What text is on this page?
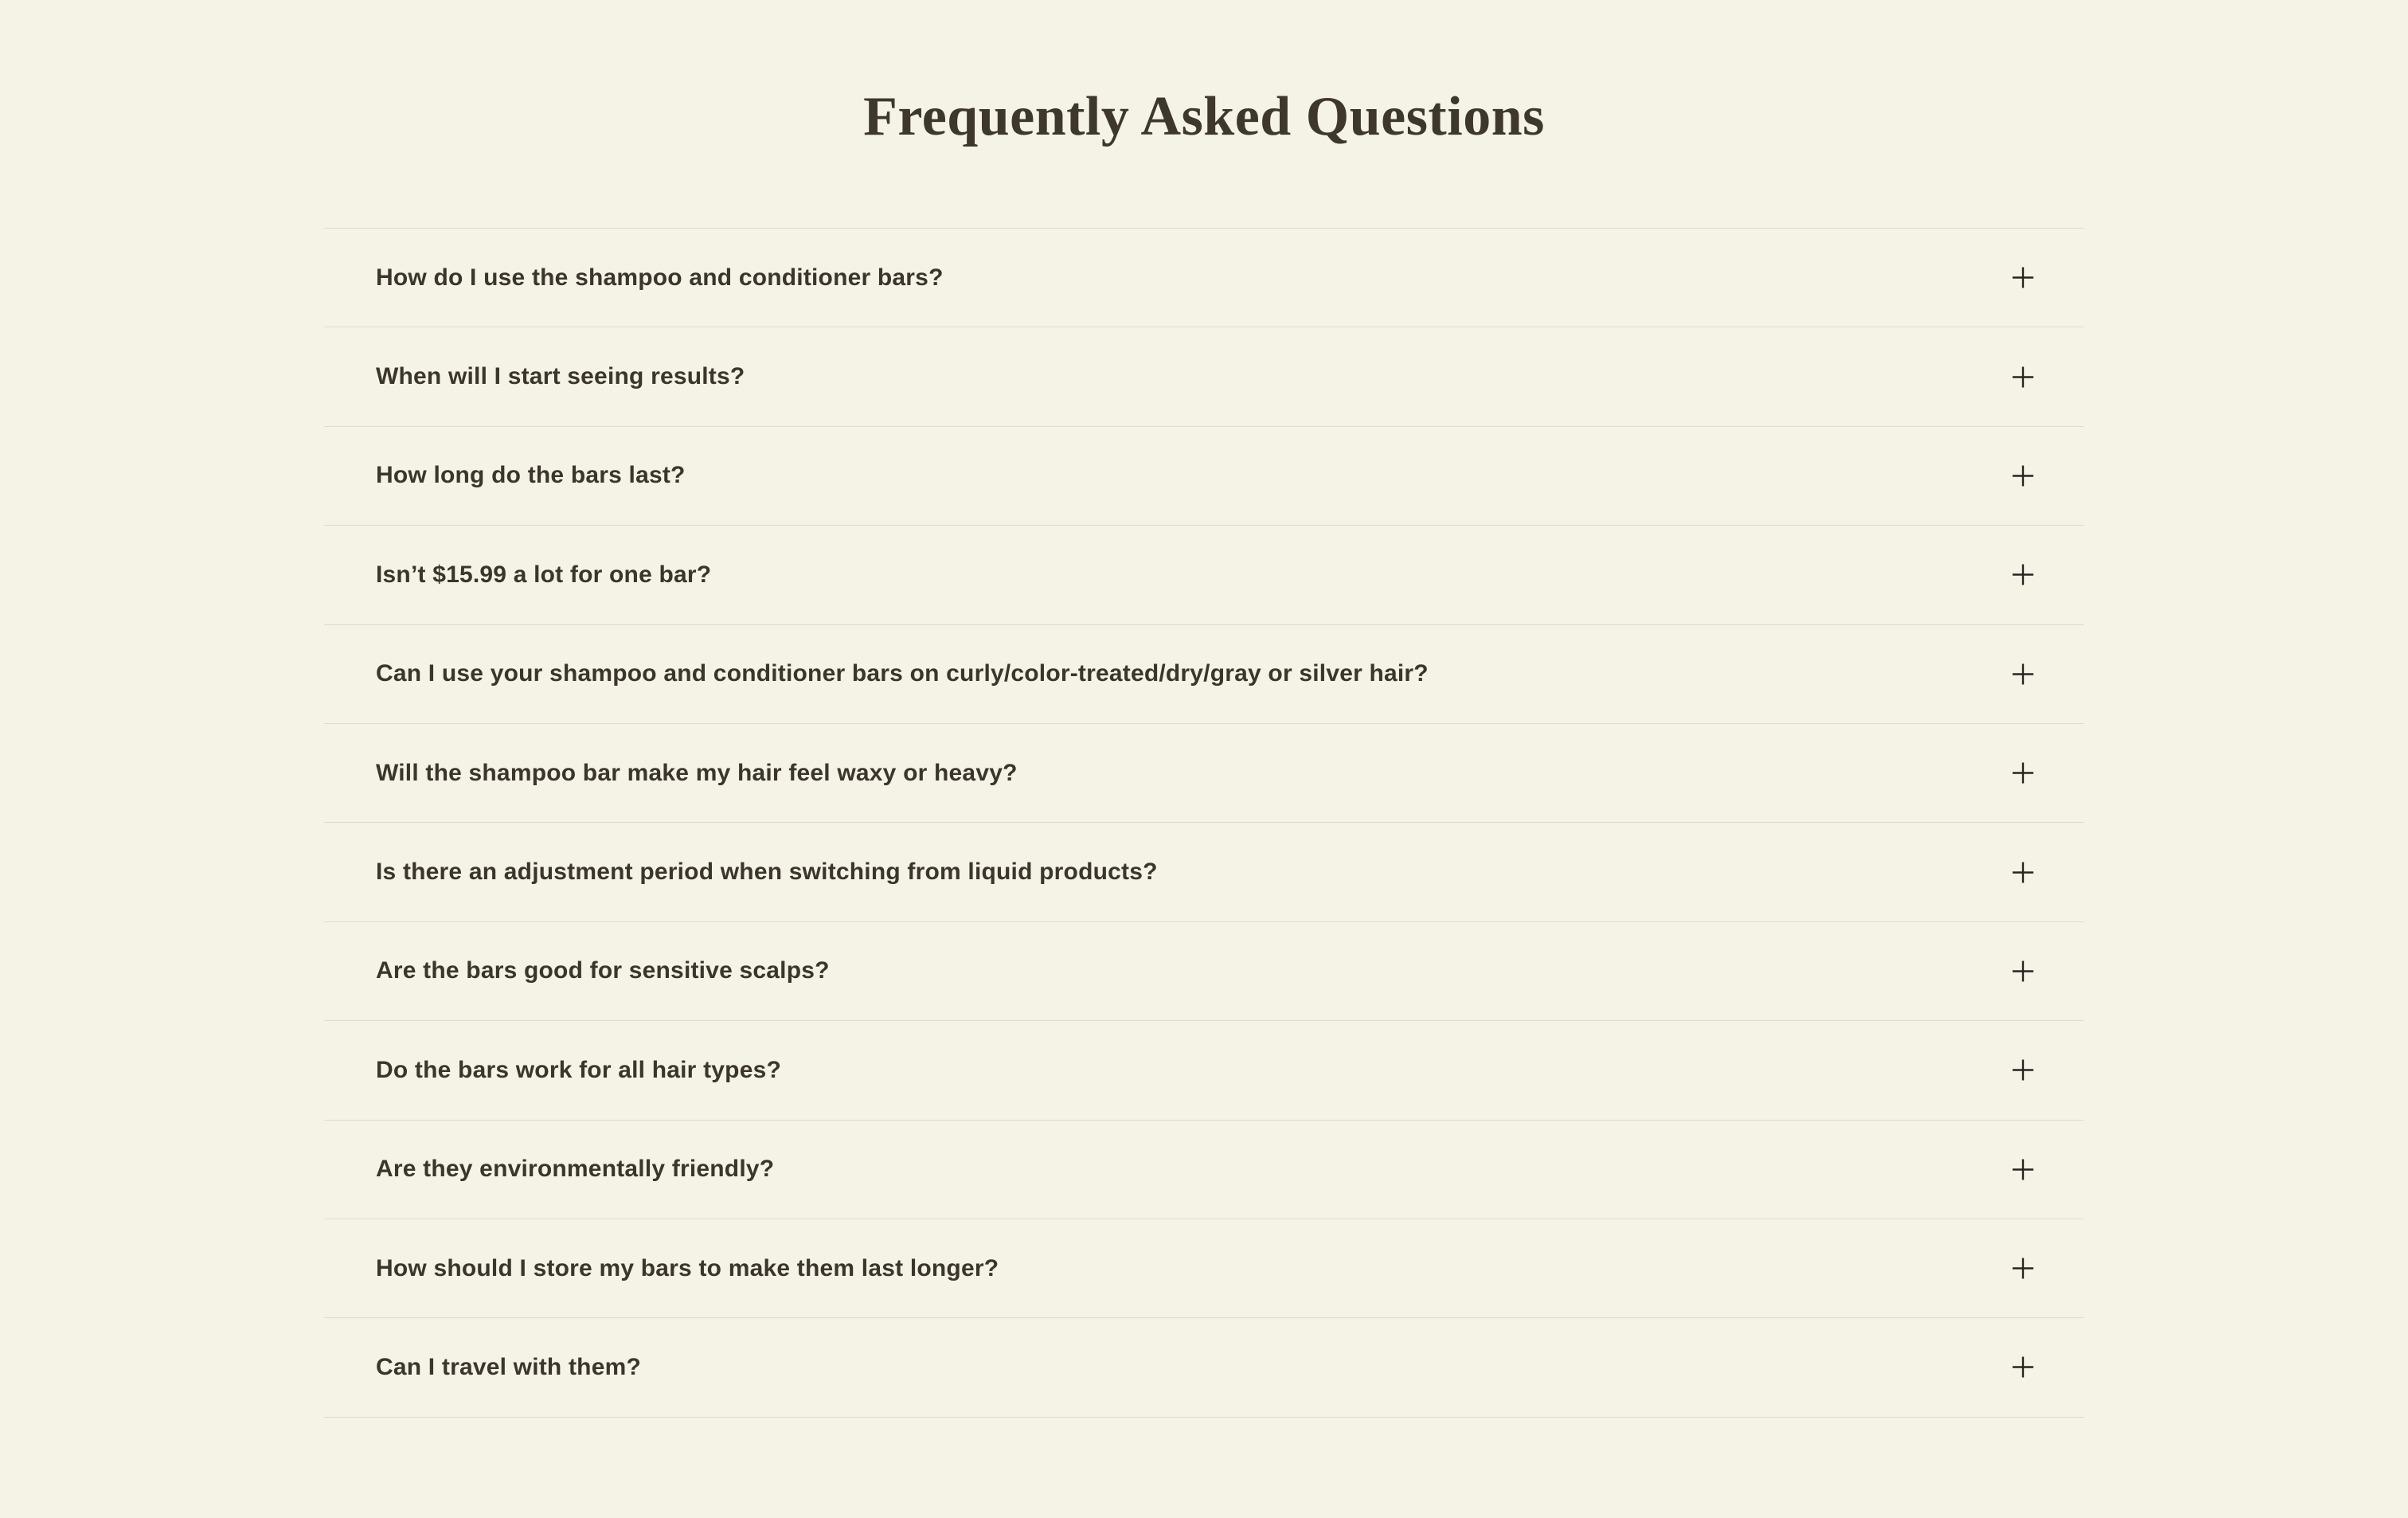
Frequently Asked Questions
How do I use the shampoo and conditioner bars?
When will I start seeing results?
How long do the bars last?
Isn’t $15.99 a lot for one bar?
Can I use your shampoo and conditioner bars on curly/color-treated/dry/gray or silver hair?
Will the shampoo bar make my hair feel waxy or heavy?
Is there an adjustment period when switching from liquid products?
Are the bars good for sensitive scalps?
Do the bars work for all hair types?
Are they environmentally friendly?
How should I store my bars to make them last longer?
Can I travel with them?
